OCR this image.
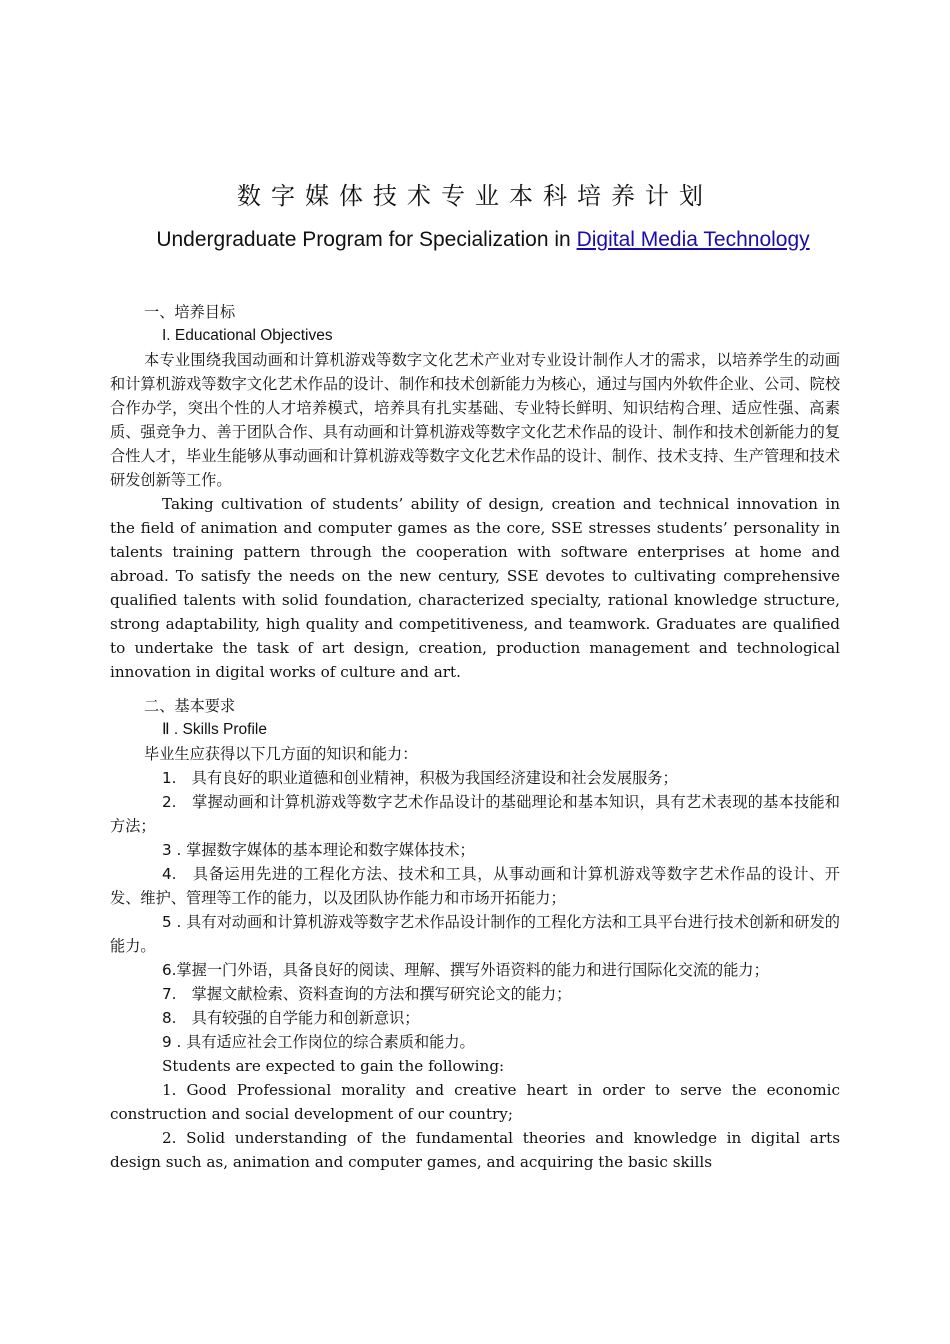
数字媒体技术专业本科培养计划
Undergraduate Program for Specialization in Digital Media Technology

一、培养目标

I. Educational Objectives

本专业围绕我国动画和计算机游戏等数字文化艺术产业对专业设计制作人才的需求，以培养学生的动画和计算机游戏等数字文化艺术作品的设计、制作和技术创新能力为核心，通过与国内外软件企业、公司、院校合作办学，突出个性的人才培养模式，培养具有扎实基础、专业特长鲜明、知识结构合理、适应性强、高素质、强竞争力、善于团队合作、具有动画和计算机游戏等数字文化艺术作品的设计、制作和技术创新能力的复合性人才，毕业生能够从事动画和计算机游戏等数字文化艺术作品的设计、制作、技术支持、生产管理和技术研发创新等工作。

Taking cultivation of students’ ability of design, creation and technical innovation in the field of animation and computer games as the core, SSE stresses students’ personality in talents training pattern through the cooperation with software enterprises at home and abroad. To satisfy the needs on the new century, SSE devotes to cultivating comprehensive qualified talents with solid foundation, characterized specialty, rational knowledge structure, strong adaptability, high quality and competitiveness, and teamwork. Graduates are qualified to undertake the task of art design, creation, production management and technological innovation in digital works of culture and art.

二、基本要求

Ⅱ . Skills Profile

毕业生应获得以下几方面的知识和能力：

1.　具有良好的职业道德和创业精神，积极为我国经济建设和社会发展服务；

2.　掌握动画和计算机游戏等数字艺术作品设计的基础理论和基本知识，具有艺术表现的基本技能和方法；

3 . 掌握数字媒体的基本理论和数字媒体技术；

4.　具备运用先进的工程化方法、技术和工具，从事动画和计算机游戏等数字艺术作品的设计、开发、维护、管理等工作的能力，以及团队协作能力和市场开拓能力；

5 . 具有对动画和计算机游戏等数字艺术作品设计制作的工程化方法和工具平台进行技术创新和研发的能力。

6.掌握一门外语，具备良好的阅读、理解、撰写外语资料的能力和进行国际化交流的能力；

7.　掌握文献检索、资料查询的方法和撰写研究论文的能力；

8.　具有较强的自学能力和创新意识；

9 . 具有适应社会工作岗位的综合素质和能力。

Students are expected to gain the following:

1. Good Professional morality and creative heart in order to serve the economic construction and social development of our country;

2. Solid understanding of the fundamental theories and knowledge in digital arts design such as, animation and computer games, and acquiring the basic skills
